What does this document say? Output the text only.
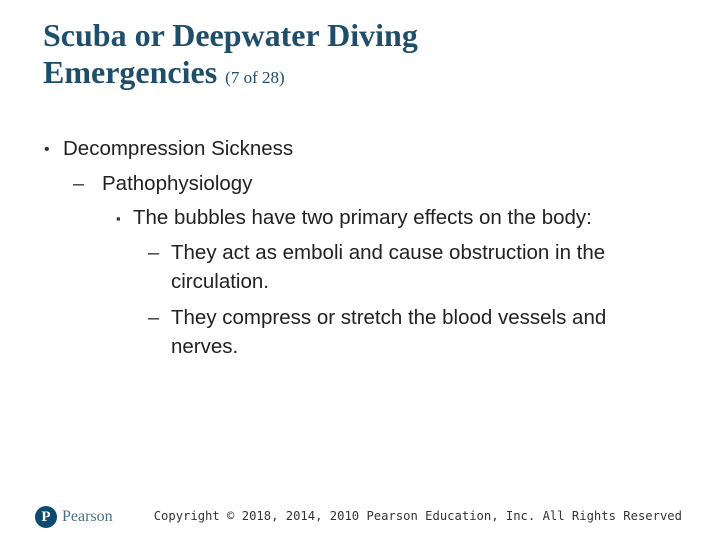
Scuba or Deepwater Diving
Emergencies (7 of 28)
• Decompression Sickness
– Pathophysiology
▪ The bubbles have two primary effects on the body:
– They act as emboli and cause obstruction in the
circulation.
– They compress or stretch the blood vessels and
nerves.
P Pearson	Copyright © 2018, 2014, 2010 Pearson Education, Inc. All Rights Reserved
